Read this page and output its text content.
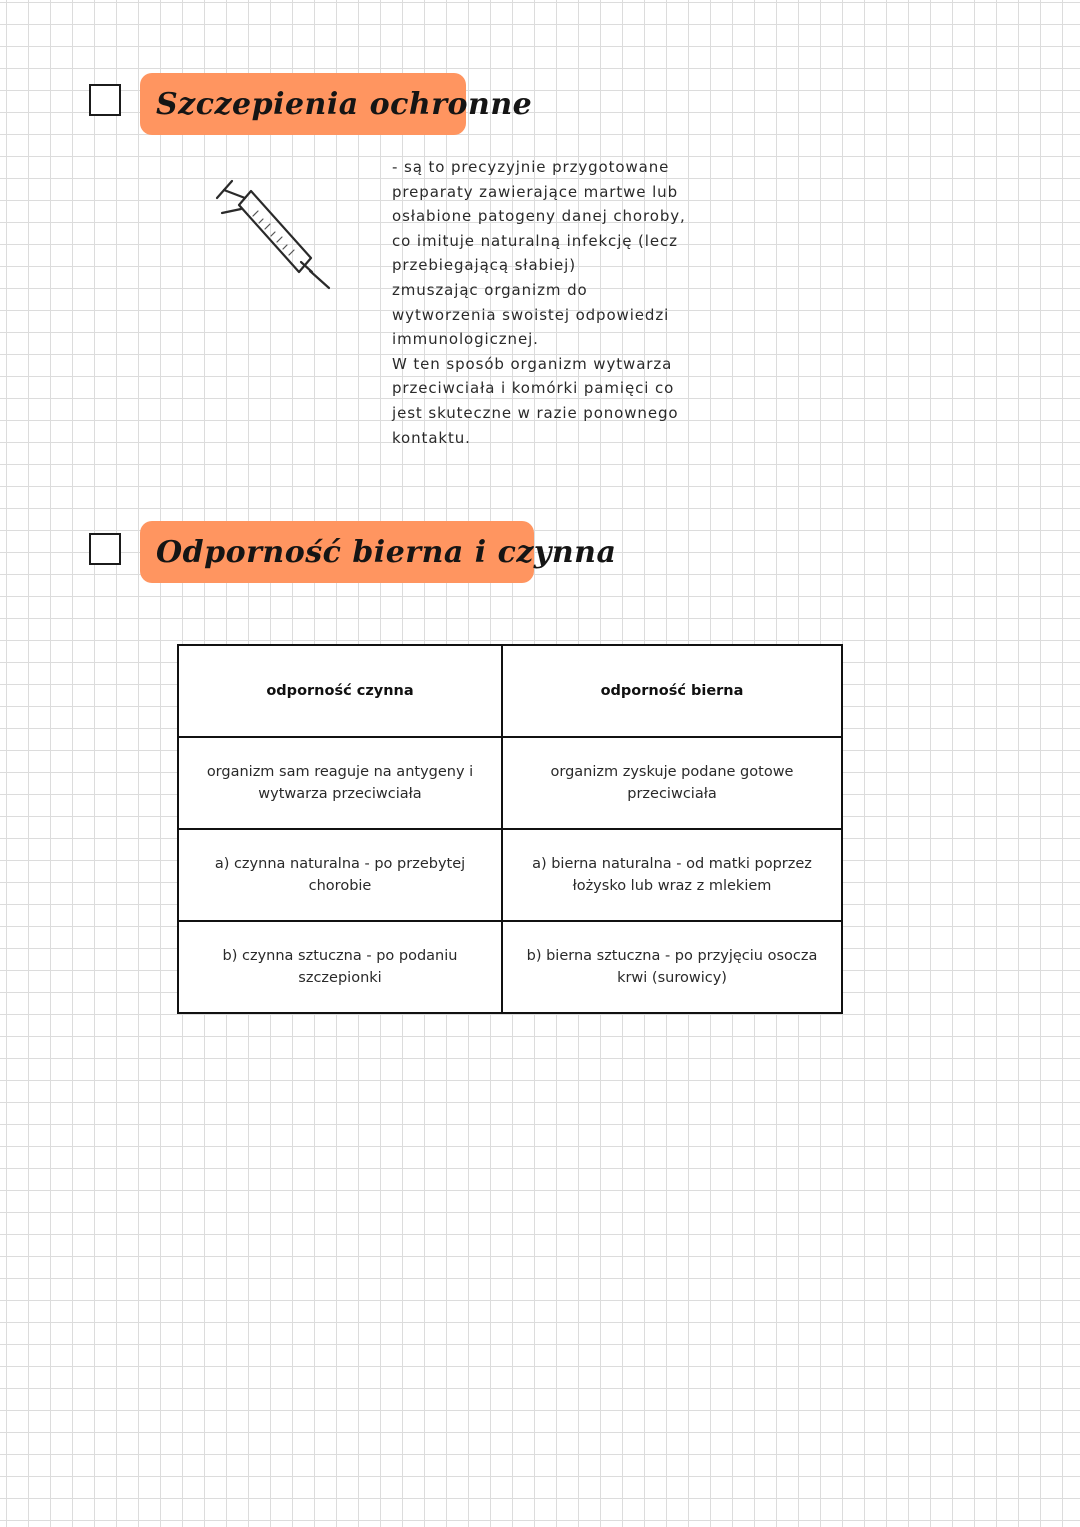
Szczepienia ochronne

- są to precyzyjnie przygotowane

preparaty zawierające martwe lub

osłabione patogeny danej choroby,

co imituje naturalną infekcję (lecz

przebiegającą słabiej)

zmuszając organizm do

wytworzenia swoistej odpowiedzi

immunologicznej.

W ten sposób organizm wytwarza

przeciwciała i komórki pamięci co

jest skuteczne w razie ponownego

kontaktu.

Odporność bierna i czynna
odporność czynna	odporność bierna
organizm sam reaguje na antygeny i wytwarza przeciwciała	organizm zyskuje podane gotowe przeciwciała
a) czynna naturalna - po przebytej chorobie	a) bierna naturalna - od matki poprzez łożysko lub wraz z mlekiem
b) czynna sztuczna - po podaniu szczepionki	b) bierna sztuczna - po przyjęciu osocza krwi (surowicy)
